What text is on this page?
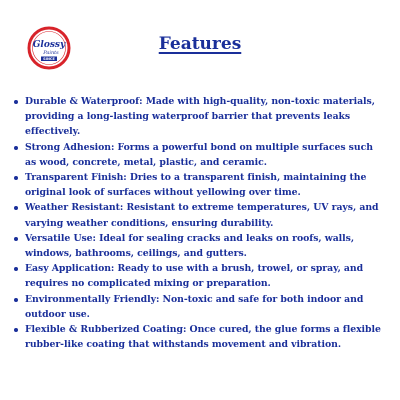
Glossy
Paints
SINCE
Features
Durable & Waterproof: Made with high-quality, non-toxic materials, providing a long-lasting waterproof barrier that prevents leaks effectively.
Strong Adhesion: Forms a powerful bond on multiple surfaces such as wood, concrete, metal, plastic, and ceramic.
Transparent Finish: Dries to a transparent finish, maintaining the original look of surfaces without yellowing over time.
Weather Resistant: Resistant to extreme temperatures, UV rays, and varying weather conditions, ensuring durability.
Versatile Use: Ideal for sealing cracks and leaks on roofs, walls, windows, bathrooms, ceilings, and gutters.
Easy Application: Ready to use with a brush, trowel, or spray, and requires no complicated mixing or preparation.
Environmentally Friendly: Non-toxic and safe for both indoor and outdoor use.
Flexible & Rubberized Coating: Once cured, the glue forms a flexible rubber-like coating that withstands movement and vibration.
